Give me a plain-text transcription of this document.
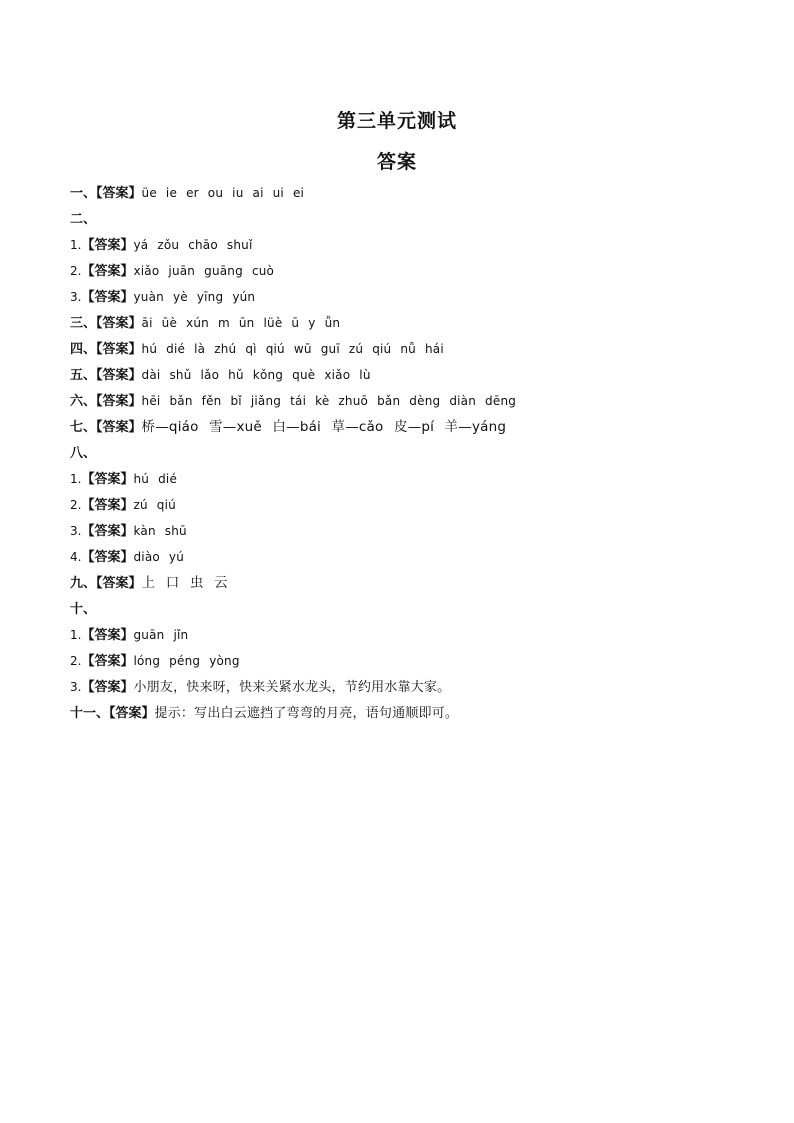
第三单元测试
答案
一、【答案】üe ie er ou iu ai ui ei
二、
1.【答案】yá zǒu chāo shuǐ
2.【答案】xiǎo juān guāng cuò
3.【答案】yuàn yè yīng yún
三、【答案】āi ūè xún m ūn lüè ū y ǚn
四、【答案】hú dié là zhú qì qiú wū guī zú qiú nǚ hái
五、【答案】dài shǔ lǎo hǔ kǒng què xiǎo lù
六、【答案】hēi bǎn fěn bǐ jiǎng tái kè zhuō bǎn dèng diàn dēng
七、【答案】桥—qiáo 雪—xuě 白—bái 草—cǎo 皮—pí 羊—yáng
八、
1.【答案】hú dié
2.【答案】zú qiú
3.【答案】kàn shū
4.【答案】diào yú
九、【答案】上 口 虫 云
十、
1.【答案】guān jǐn
2.【答案】lóng péng yòng
3.【答案】小朋友，快来呀，快来关紧水龙头，节约用水靠大家。
十一、【答案】提示：写出白云遮挡了弯弯的月亮，语句通顺即可。
